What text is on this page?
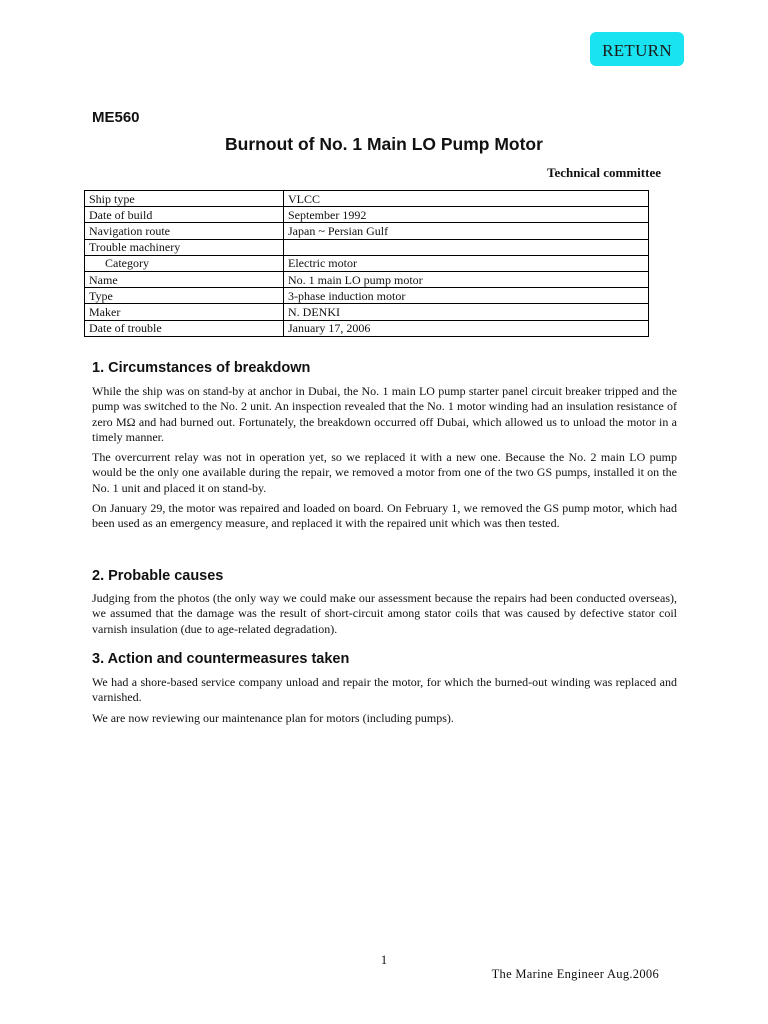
RETURN
ME560
Burnout of No. 1 Main LO Pump Motor
Technical committee
Ship type	VLCC
Date of build	September 1992
Navigation route	Japan ~ Persian Gulf
Trouble machinery	
Category	Electric motor
Name	No. 1 main LO pump motor
Type	3-phase induction motor
Maker	N. DENKI
Date of trouble	January 17, 2006
1. Circumstances of breakdown

While the ship was on stand-by at anchor in Dubai, the No. 1 main LO pump starter panel circuit breaker tripped and the pump was switched to the No. 2 unit. An inspection revealed that the No. 1 motor winding had an insulation resistance of zero MΩ and had burned out. Fortunately, the breakdown occurred off Dubai, which allowed us to unload the motor in a timely manner.

The overcurrent relay was not in operation yet, so we replaced it with a new one. Because the No. 2 main LO pump would be the only one available during the repair, we removed a motor from one of the two GS pumps, installed it on the No. 1 unit and placed it on stand-by.

On January 29, the motor was repaired and loaded on board. On February 1, we removed the GS pump motor, which had been used as an emergency measure, and replaced it with the repaired unit which was then tested.

2. Probable causes

Judging from the photos (the only way we could make our assessment because the repairs had been conducted overseas), we assumed that the damage was the result of short-circuit among stator coils that was caused by defective stator coil varnish insulation (due to age-related degradation).

3. Action and countermeasures taken

We had a shore-based service company unload and repair the motor, for which the burned-out winding was replaced and varnished.

We are now reviewing our maintenance plan for motors (including pumps).

1
The Marine Engineer Aug.2006
